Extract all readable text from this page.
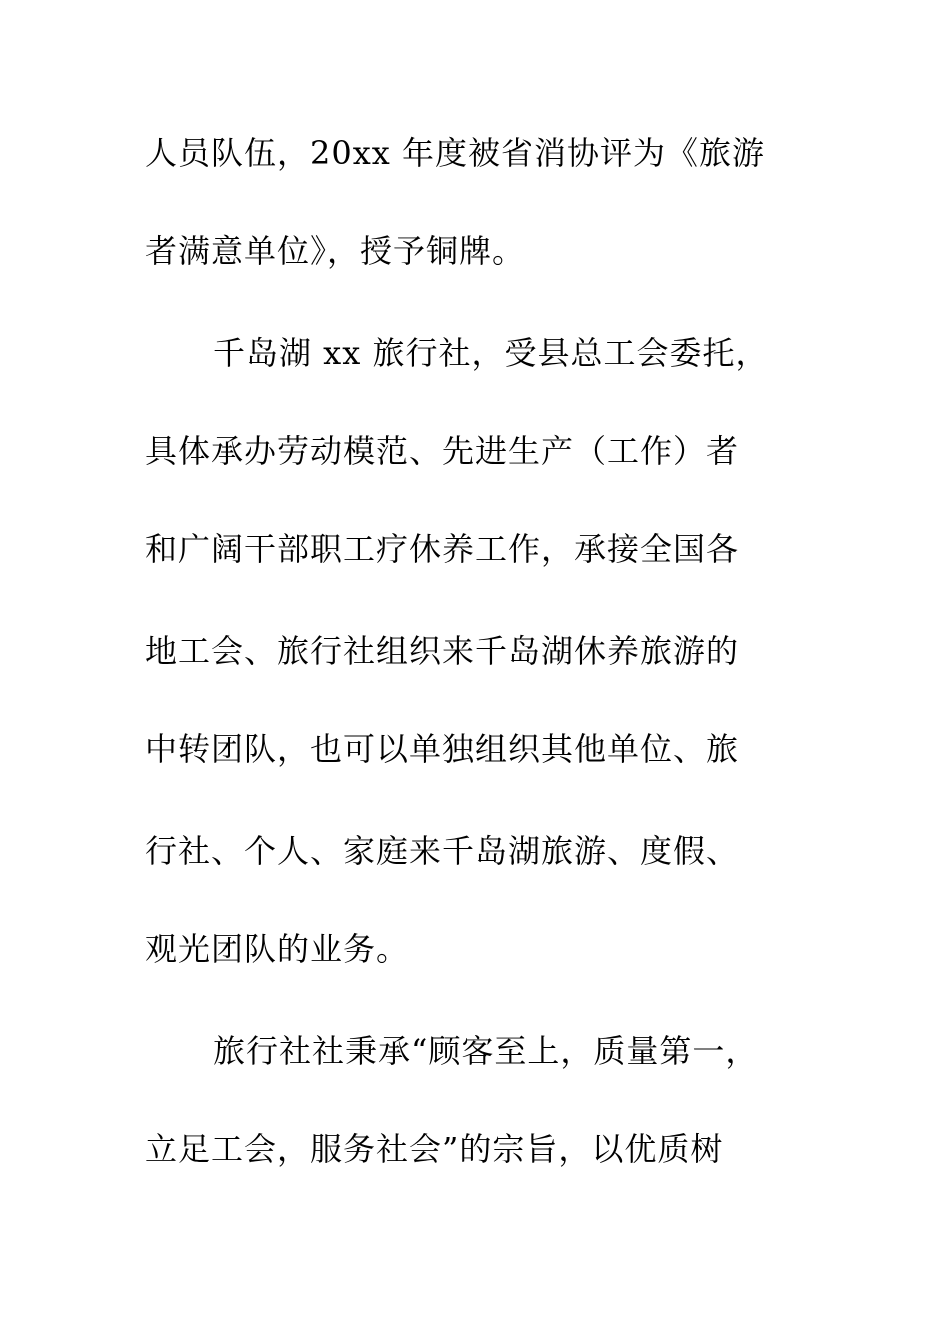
人员队伍，20xx 年度被省消协评为《旅游
者满意单位》，授予铜牌。
千岛湖 xx 旅行社，受县总工会委托，
具体承办劳动模范、先进生产（工作）者
和广阔干部职工疗休养工作，承接全国各
地工会、旅行社组织来千岛湖休养旅游的
中转团队，也可以单独组织其他单位、旅
行社、个人、家庭来千岛湖旅游、度假、
观光团队的业务。
旅行社社秉承“顾客至上，质量第一，
立足工会，服务社会”的宗旨，以优质树
